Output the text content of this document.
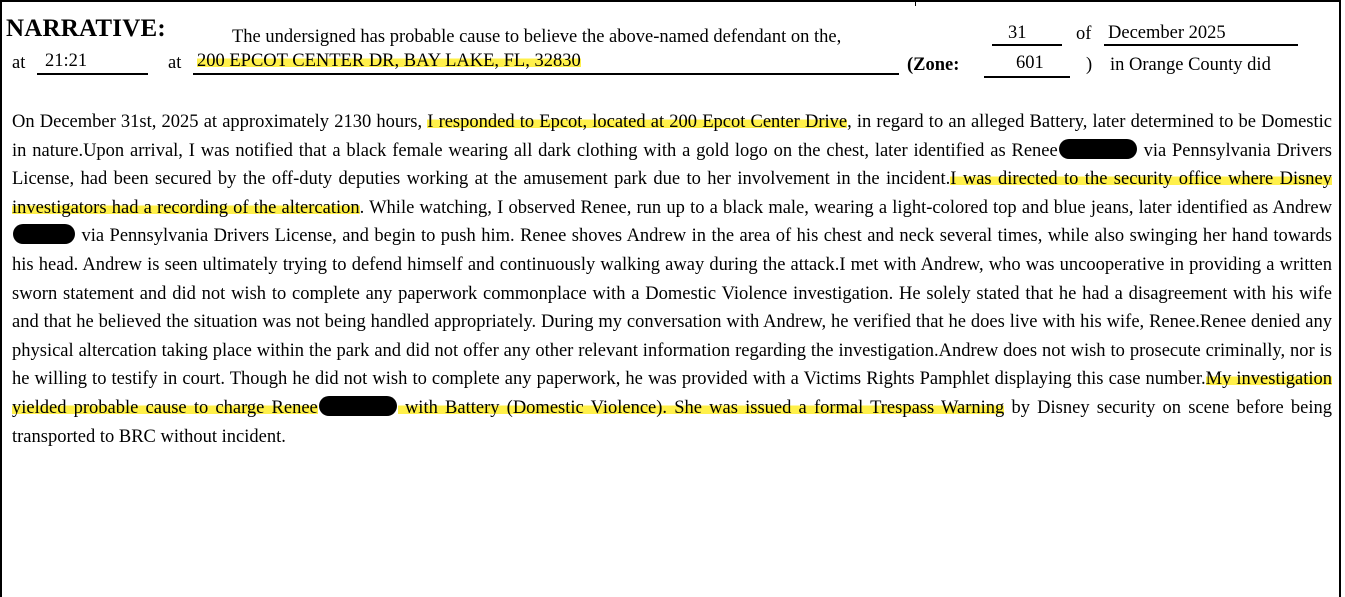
NARRATIVE:	The undersigned has probable cause to believe the above-named defendant on the,	31	of December 2025
at 21:21	at 200 EPCOT CENTER DR, BAY LAKE, FL, 32830	(Zone:	601 ) in Orange County did
On December 31st, 2025 at approximately 2130 hours, I responded to Epcot, located at 200 Epcot Center Drive, in regard to an alleged Battery, later determined to be Domestic in nature.Upon arrival, I was notified that a black female wearing all dark clothing with a gold logo on the chest, later identified as Renee	via Pennsylvania Drivers License, had been secured by the off-duty deputies working at the amusement park due to her involvement in the incident.I was directed to the security office where Disney investigators had a recording of the altercation. While watching, I observed Renee, run up to a black male, wearing a light-colored top and blue jeans, later identified as Andrew  via Pennsylvania Drivers License, and begin to push him. Renee shoves Andrew in the area of his chest and neck several times, while also swinging her hand towards his head. Andrew is seen ultimately trying to defend himself and continuously walking away during the attack.I met with Andrew, who was uncooperative in providing a written sworn statement and did not wish to complete any paperwork commonplace with a Domestic Violence investigation. He solely stated that he had a disagreement with his wife and that he believed the situation was not being handled appropriately. During my conversation with Andrew, he verified that he does live with his wife, Renee.Renee denied any physical altercation taking place within the park and did not offer any other relevant information regarding the investigation.Andrew does not wish to prosecute criminally, nor is he willing to testify in court. Though he did not wish to complete any paperwork, he was provided with a Victims Rights Pamphlet displaying this case number.My investigation yielded probable cause to charge Renee	with Battery (Domestic Violence). She was issued a formal Trespass Warning by Disney security on scene before being transported to BRC without incident.
